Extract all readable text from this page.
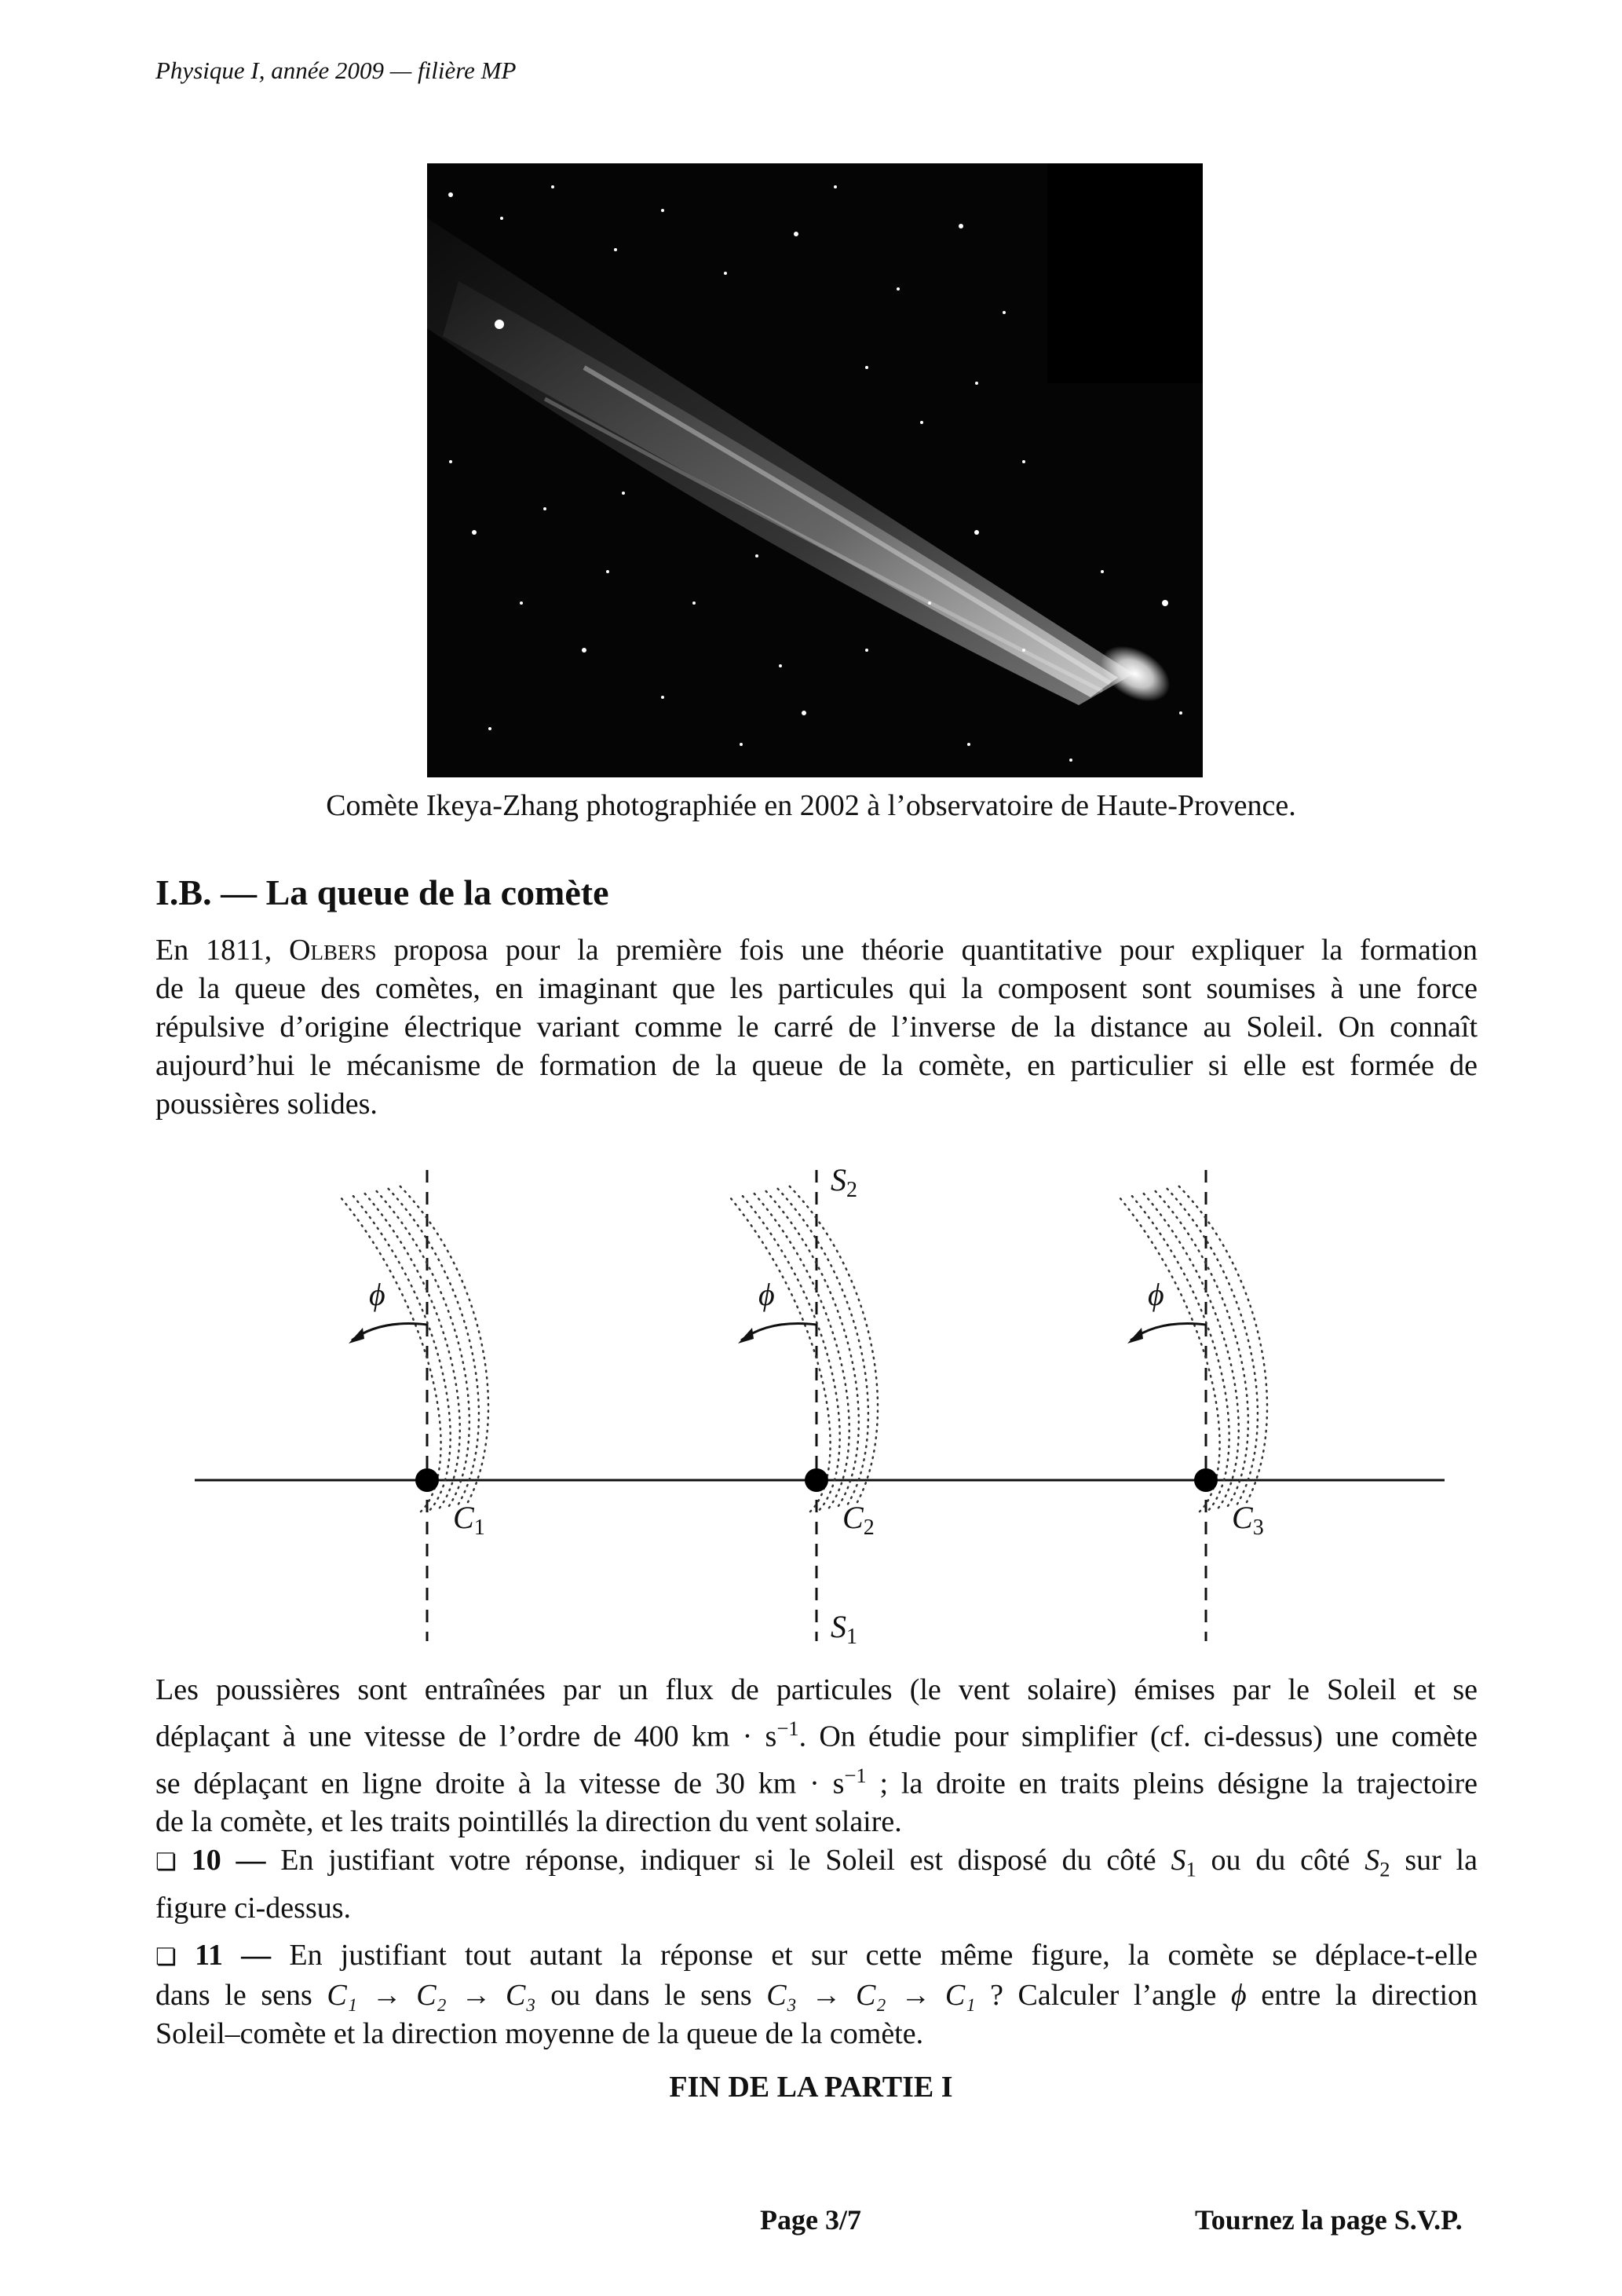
Physique I, année 2009 — filière MP
Comète Ikeya-Zhang photographiée en 2002 à l’observatoire de Haute-Provence.
I.B. — La queue de la comète
En 1811, Olbers proposa pour la première fois une théorie quantitative pour expliquer la formation
de la queue des comètes, en imaginant que les particules qui la composent sont soumises à une force
répulsive d’origine électrique variant comme le carré de l’inverse de la distance au Soleil. On connaît
aujourd’hui le mécanisme de formation de la queue de la comète, en particulier si elle est formée de
poussières solides.
$S_2$
$S_1$
ϕ	ϕ	ϕ
$C_1$	$C_2$	$C_3$
Les poussières sont entraînées par un flux de particules (le vent solaire) émises par le Soleil et se
déplaçant à une vitesse de l’ordre de 400 km · $s^{-1}$. On étudie pour simplifier (cf. ci-dessus) une comète
se déplaçant en ligne droite à la vitesse de 30 km · $s^{-1}$ ; la droite en traits pleins désigne la trajectoire
de la comète, et les traits pointillés la direction du vent solaire.
❏ 10 — En justifiant votre réponse, indiquer si le Soleil est disposé du côté $S_1$ ou du côté $S_2$ sur la
figure ci-dessus.
❏ 11 — En justifiant tout autant la réponse et sur cette même figure, la comète se déplace-t-elle
dans le sens C₁ → C₂ → C₃ ou dans le sens C₃ → C₂ → C₁ ? Calculer l’angle ϕ entre la direction
Soleil–comète et la direction moyenne de la queue de la comète.
FIN DE LA PARTIE I
Page 3/7	Tournez la page S.V.P.
